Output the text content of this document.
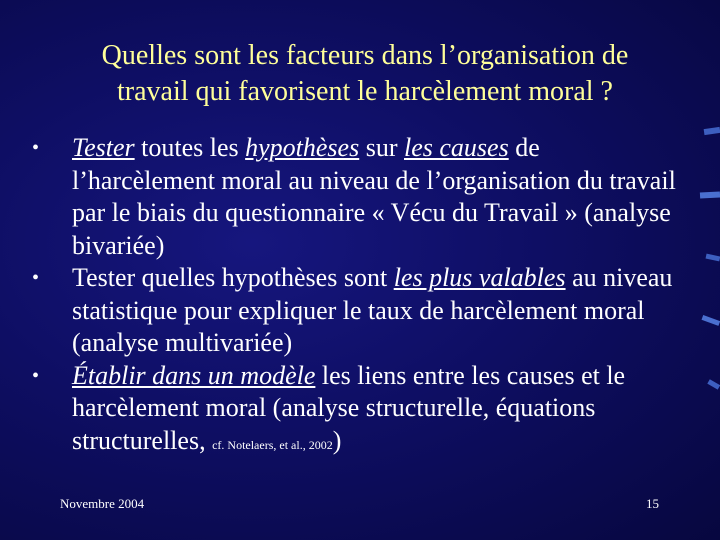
Quelles sont les facteurs dans l’organisation de
travail qui favorisent le harcèlement moral ?
• Tester toutes les hypothèses sur les causes de l’harcèlement moral au niveau de l’organisation du travail par le biais du questionnaire « Vécu du Travail » (analyse bivariée)
• Tester quelles hypothèses sont les plus valables au niveau statistique pour expliquer le taux de harcèlement moral (analyse multivariée)
• Établir dans un modèle les liens entre les causes et le harcèlement moral (analyse structurelle, équations structurelles, cf. Notelaers, et al., 2002)
Novembre 2004	15
